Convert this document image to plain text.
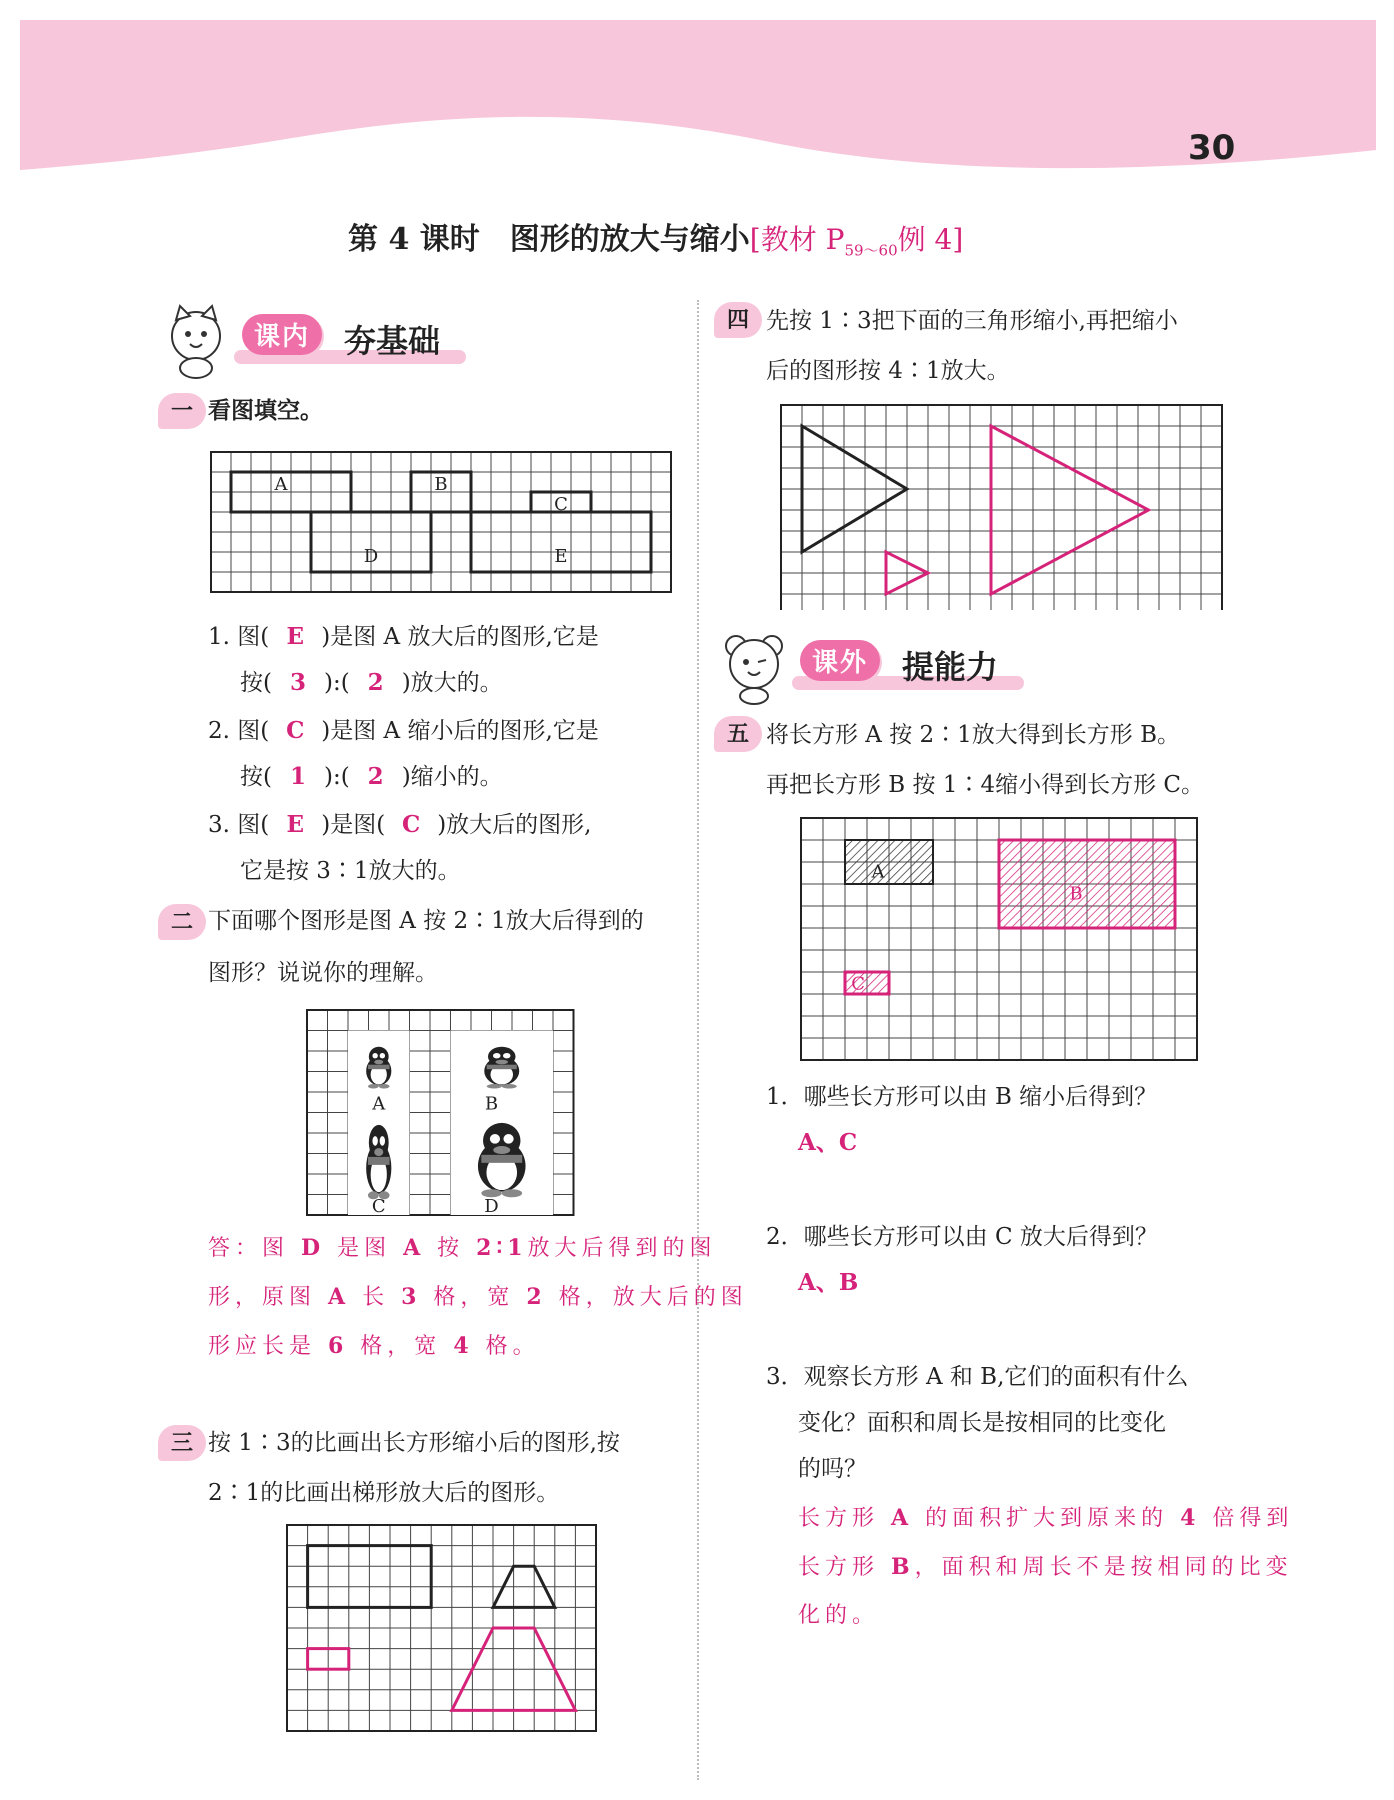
30
第 4 课时　图形的放大与缩小[教材 $P_{59\sim 60}$例 4]
课内	夯基础
一 看图填空。
A	B
C
D	E
1. 图( E )是图 A 放大后的图形,它是
按( 3 ):( 2 )放大的。
2. 图( C )是图 A 缩小后的图形,它是
按( 1 ):( 2 )缩小的。
3. 图( E )是图( C )放大后的图形,
它是按 3∶1放大的。
二 下面哪个图形是图 A 按 2∶1放大后得到的
图形？说说你的理解。
A	B
C	D
答：图 D 是图 A 按 2∶1放大后得到的图
形，原图 A 长 3 格，宽 2 格，放大后的图
形应长是 6 格，宽 4 格。
三 按 1∶3的比画出长方形缩小后的图形,按
2∶1的比画出梯形放大后的图形。
四 先按 1∶3把下面的三角形缩小,再把缩小
后的图形按 4∶1放大。
课外	提能力
五 将长方形 A 按 2∶1放大得到长方形 B。
再把长方形 B 按 1∶4缩小得到长方形 C。
A
B
C
1．哪些长方形可以由 B 缩小后得到？
A、C
2．哪些长方形可以由 C 放大后得到？
A、B
3．观察长方形 A 和 B,它们的面积有什么
变化？面积和周长是按相同的比变化
的吗？
长方形 A 的面积扩大到原来的 4 倍得到
长方形 B，面积和周长不是按相同的比变
化的。
